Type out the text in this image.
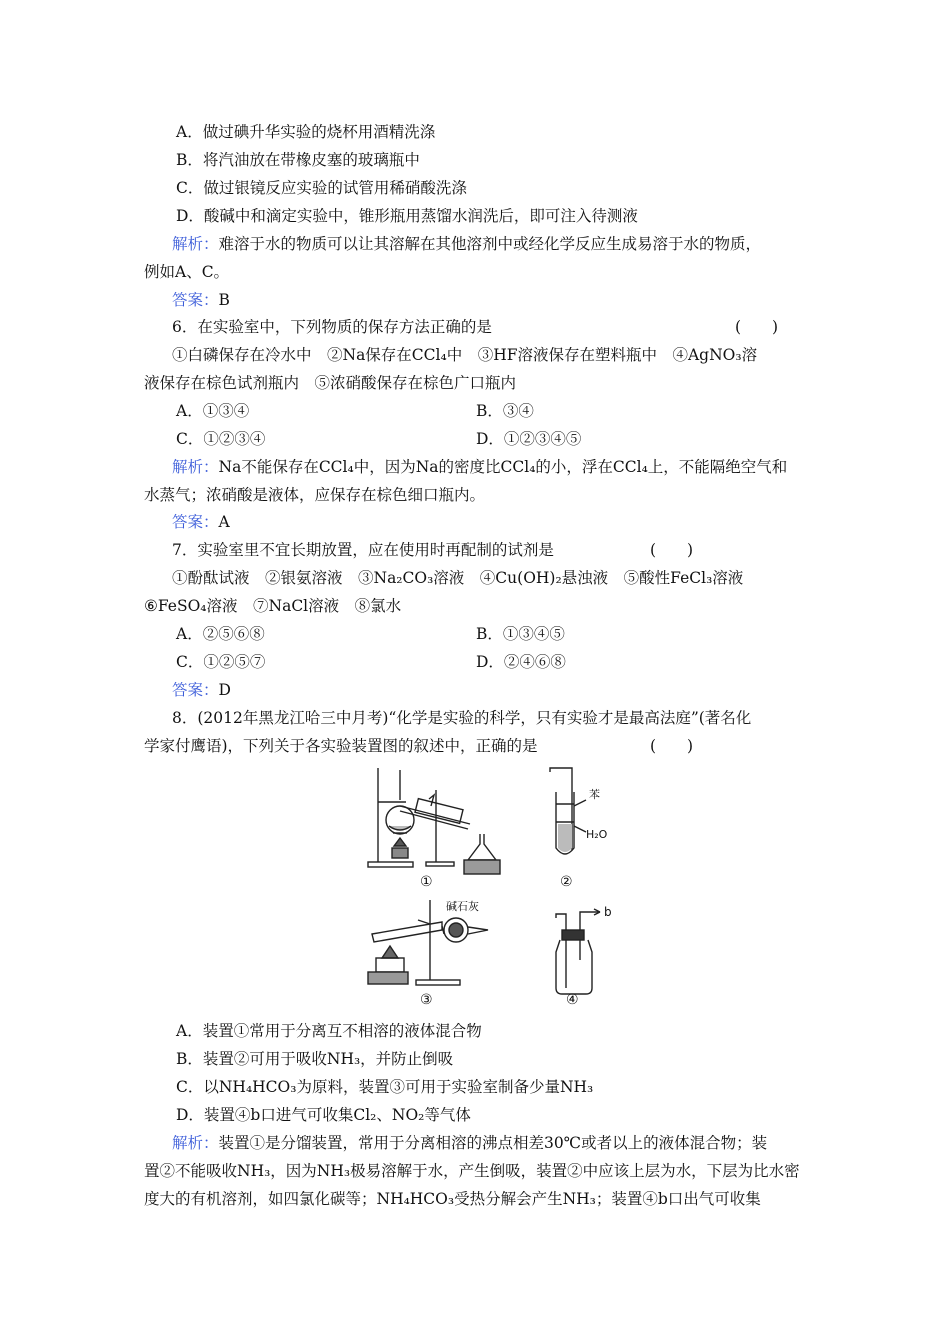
A．做过碘升华实验的烧杯用酒精洗涤
B．将汽油放在带橡皮塞的玻璃瓶中
C．做过银镜反应实验的试管用稀硝酸洗涤
D．酸碱中和滴定实验中，锥形瓶用蒸馏水润洗后，即可注入待测液
解析：难溶于水的物质可以让其溶解在其他溶剂中或经化学反应生成易溶于水的物质，
例如A、C。
答案：B
6．在实验室中，下列物质的保存方法正确的是	(　　)
①白磷保存在冷水中　②Na保存在CCl₄中　③HF溶液保存在塑料瓶中　④AgNO₃溶
液保存在棕色试剂瓶内　⑤浓硝酸保存在棕色广口瓶内
A．①③④	B．③④
C．①②③④	D．①②③④⑤
解析：Na不能保存在CCl₄中，因为Na的密度比CCl₄的小，浮在CCl₄上，不能隔绝空气和
水蒸气；浓硝酸是液体，应保存在棕色细口瓶内。
答案：A
7．实验室里不宜长期放置，应在使用时再配制的试剂是	(　　)
①酚酞试液　②银氨溶液　③Na₂CO₃溶液　④Cu(OH)₂悬浊液　⑤酸性FeCl₃溶液
⑥FeSO₄溶液　⑦NaCl溶液　⑧氯水
A．②⑤⑥⑧	B．①③④⑤
C．①②⑤⑦	D．②④⑥⑧
答案：D
8．(2012年黑龙江哈三中月考)“化学是实验的科学，只有实验才是最高法庭”(著名化
学家付鹰语)，下列关于各实验装置图的叙述中，正确的是	(　　)
苯
H₂O
碱石灰	b
①	②
③	④
A．装置①常用于分离互不相溶的液体混合物
B．装置②可用于吸收NH₃，并防止倒吸
C．以NH₄HCO₃为原料，装置③可用于实验室制备少量NH₃
D．装置④b口进气可收集Cl₂、NO₂等气体
解析：装置①是分馏装置，常用于分离相溶的沸点相差30℃或者以上的液体混合物；装
置②不能吸收NH₃，因为NH₃极易溶解于水，产生倒吸，装置②中应该上层为水，下层为比水密
度大的有机溶剂，如四氯化碳等；NH₄HCO₃受热分解会产生NH₃；装置④b口出气可收集
